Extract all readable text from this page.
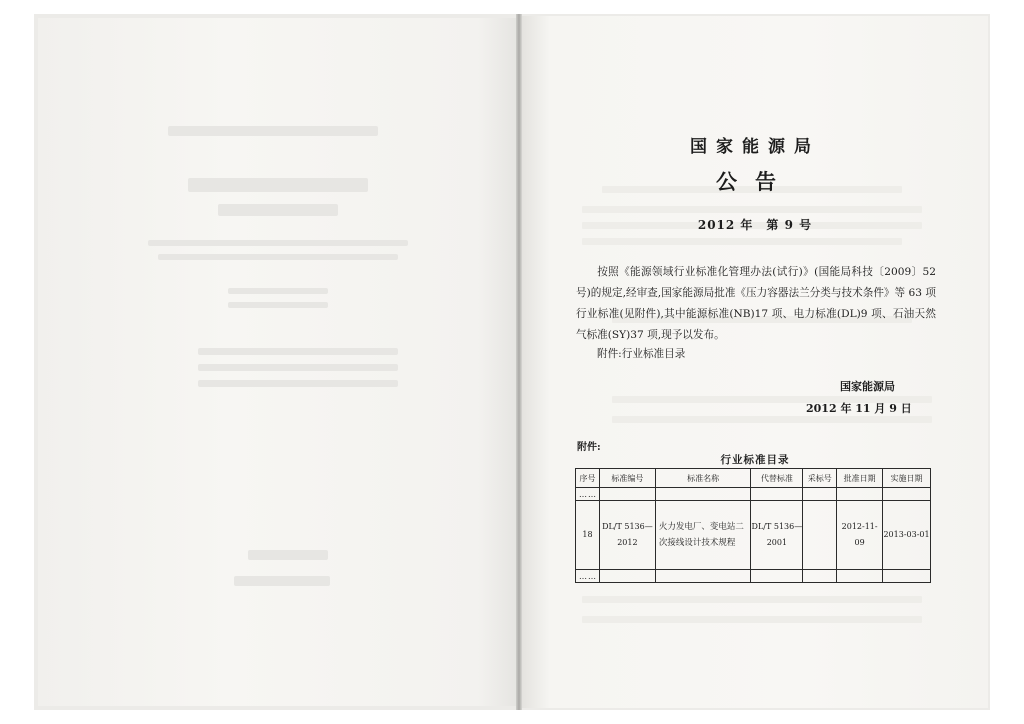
国家能源局
公告
2012 年　第 9 号

按照《能源领域行业标准化管理办法(试行)》(国能局科技〔2009〕52 号)的规定,经审查,国家能源局批准《压力容器法兰分类与技术条件》等 63 项行业标准(见附件),其中能源标准(NB)17 项、电力标准(DL)9 项、石油天然气标准(SY)37 项,现予以发布。

附件:行业标准目录
国家能源局
2012 年 11 月 9 日
附件:
行业标准目录
序号	标准编号	标准名称	代替标准	采标号	批准日期	实施日期
……						
18	DL/T 5136—2012	火力发电厂、变电站二次接线设计技术规程	DL/T 5136—2001		2012-11-09	2013-03-01
……						
